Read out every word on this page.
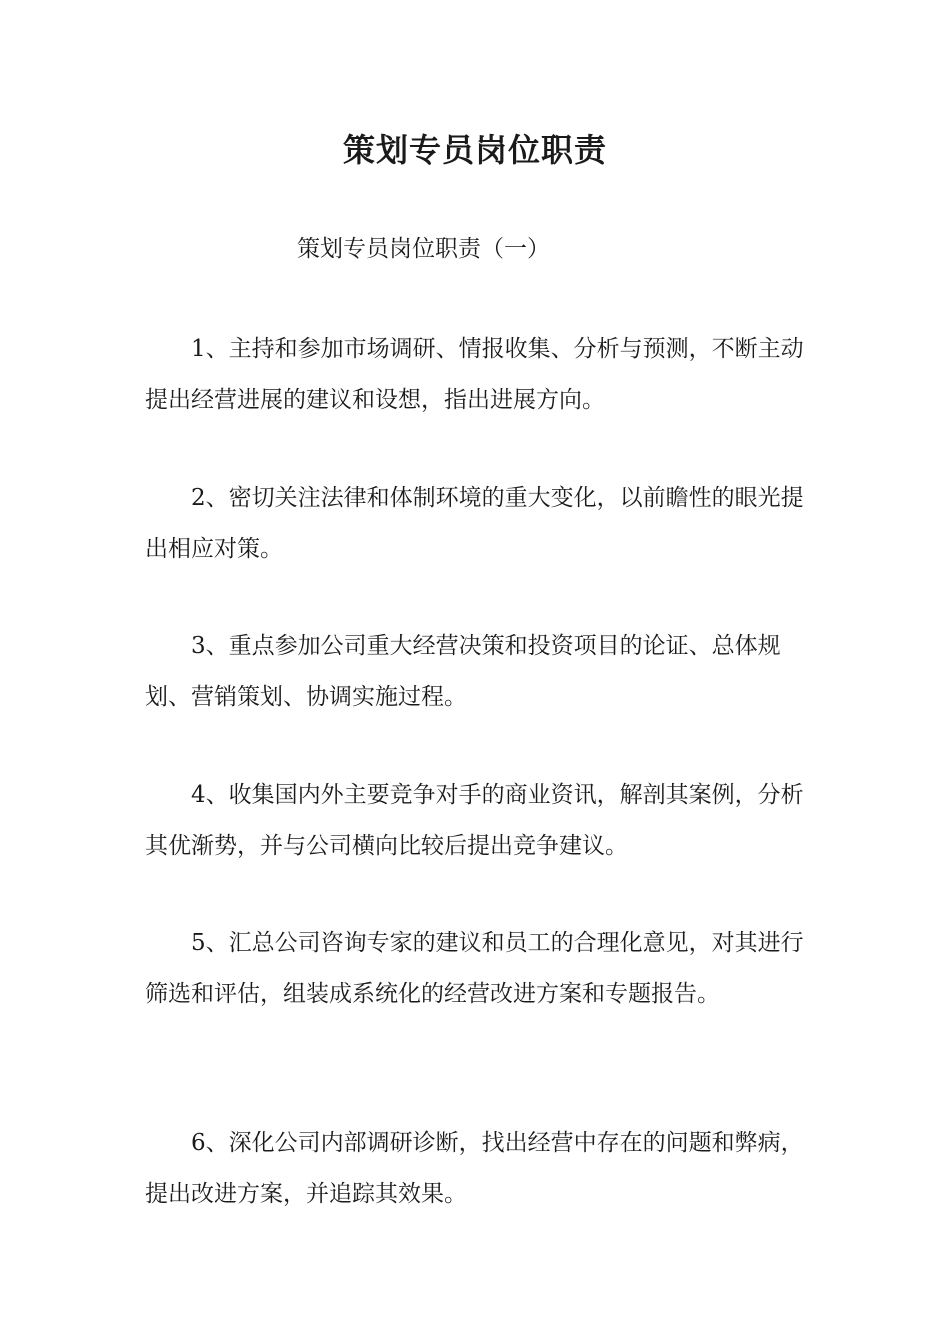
策划专员岗位职责

策划专员岗位职责（一）

1、主持和参加市场调研、情报收集、分析与预测，不断主动提出经营进展的建议和设想，指出进展方向。

2、密切关注法律和体制环境的重大变化，以前瞻性的眼光提出相应对策。

3、重点参加公司重大经营决策和投资项目的论证、总体规划、营销策划、协调实施过程。

4、收集国内外主要竞争对手的商业资讯，解剖其案例，分析其优渐势，并与公司横向比较后提出竞争建议。

5、汇总公司咨询专家的建议和员工的合理化意见，对其进行筛选和评估，组装成系统化的经营改进方案和专题报告。

6、深化公司内部调研诊断，找出经营中存在的问题和弊病，提出改进方案，并追踪其效果。
